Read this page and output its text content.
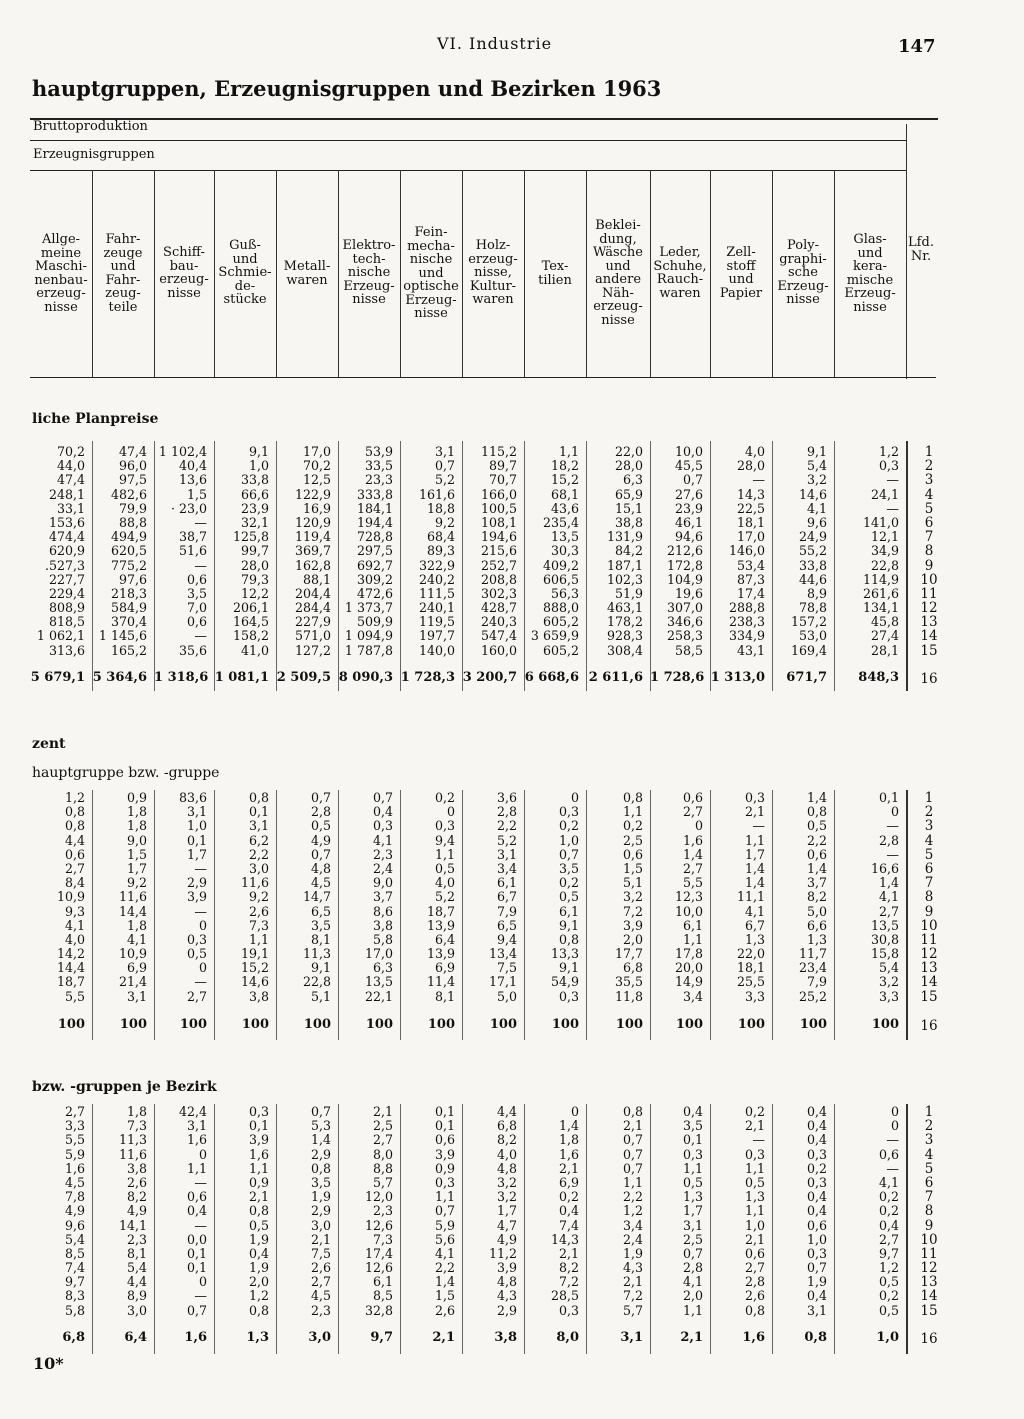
VI. Industrie	147
hauptgruppen, Erzeugnisgruppen und Bezirken 1963
Bruttoproduktion
Erzeugnisgruppen
Allge-
meine
Maschi-
nenbau-
erzeug-
nisse
Fahr-
zeuge
und
Fahr-
zeug-
teile
Schiff-
bau-
erzeug-
nisse
Guß-
und
Schmie-
de-
stücke
Metall-
waren
Elektro-
tech-
nische
Erzeug-
nisse
Fein-
mecha-
nische
und
optische
Erzeug-
nisse
Holz-
erzeug-
nisse,
Kultur-
waren
Tex-
tilien
Beklei-
dung,
Wäsche
und
andere
Näh-
erzeug-
nisse
Leder,
Schuhe,
Rauch-
waren
Zell-
stoff
und
Papier
Poly-
graphi-
sche
Erzeug-
nisse
Glas-
und
kera-
mische
Erzeug-
nisse
Lfd.
Nr.
liche Planpreise
70,2
44,0
47,4
248,1
33,1
153,6
474,4
620,9
.527,3
227,7
229,4
808,9
818,5
1 062,1
313,6
5 679,1
47,4
96,0
97,5
482,6
79,9
88,8
494,9
620,5
775,2
97,6
218,3
584,9
370,4
1 145,6
165,2
5 364,6
1 102,4
40,4
13,6
1,5
· 23,0
—
38,7
51,6
—
0,6
3,5
7,0
0,6
—
35,6
1 318,6
9,1
1,0
33,8
66,6
23,9
32,1
125,8
99,7
28,0
79,3
12,2
206,1
164,5
158,2
41,0
1 081,1
17,0
70,2
12,5
122,9
16,9
120,9
119,4
369,7
162,8
88,1
204,4
284,4
227,9
571,0
127,2
2 509,5
53,9
33,5
23,3
333,8
184,1
194,4
728,8
297,5
692,7
309,2
472,6
1 373,7
509,9
1 094,9
1 787,8
8 090,3
3,1
0,7
5,2
161,6
18,8
9,2
68,4
89,3
322,9
240,2
111,5
240,1
119,5
197,7
140,0
1 728,3
115,2
89,7
70,7
166,0
100,5
108,1
194,6
215,6
252,7
208,8
302,3
428,7
240,3
547,4
160,0
3 200,7
1,1
18,2
15,2
68,1
43,6
235,4
13,5
30,3
409,2
606,5
56,3
888,0
605,2
3 659,9
605,2
6 668,6
22,0
28,0
6,3
65,9
15,1
38,8
131,9
84,2
187,1
102,3
51,9
463,1
178,2
928,3
308,4
2 611,6
10,0
45,5
0,7
27,6
23,9
46,1
94,6
212,6
172,8
104,9
19,6
307,0
346,6
258,3
58,5
1 728,6
4,0
28,0
—
14,3
22,5
18,1
17,0
146,0
53,4
87,3
17,4
288,8
238,3
334,9
43,1
1 313,0
9,1
5,4
3,2
14,6
4,1
9,6
24,9
55,2
33,8
44,6
8,9
78,8
157,2
53,0
169,4
671,7
1,2
0,3
—
24,1
—
141,0
12,1
34,9
22,8
114,9
261,6
134,1
45,8
27,4
28,1
848,3
1
2
3
4
5
6
7
8
9
10
11
12
13
14
15
16
zent
hauptgruppe bzw. -gruppe
1,2
0,8
0,8
4,4
0,6
2,7
8,4
10,9
9,3
4,1
4,0
14,2
14,4
18,7
5,5
100
0,9
1,8
1,8
9,0
1,5
1,7
9,2
11,6
14,4
1,8
4,1
10,9
6,9
21,4
3,1
100
83,6
3,1
1,0
0,1
1,7
—
2,9
3,9
—
0
0,3
0,5
0
—
2,7
100
0,8
0,1
3,1
6,2
2,2
3,0
11,6
9,2
2,6
7,3
1,1
19,1
15,2
14,6
3,8
100
0,7
2,8
0,5
4,9
0,7
4,8
4,5
14,7
6,5
3,5
8,1
11,3
9,1
22,8
5,1
100
0,7
0,4
0,3
4,1
2,3
2,4
9,0
3,7
8,6
3,8
5,8
17,0
6,3
13,5
22,1
100
0,2
0
0,3
9,4
1,1
0,5
4,0
5,2
18,7
13,9
6,4
13,9
6,9
11,4
8,1
100
3,6
2,8
2,2
5,2
3,1
3,4
6,1
6,7
7,9
6,5
9,4
13,4
7,5
17,1
5,0
100
0
0,3
0,2
1,0
0,7
3,5
0,2
0,5
6,1
9,1
0,8
13,3
9,1
54,9
0,3
100
0,8
1,1
0,2
2,5
0,6
1,5
5,1
3,2
7,2
3,9
2,0
17,7
6,8
35,5
11,8
100
0,6
2,7
0
1,6
1,4
2,7
5,5
12,3
10,0
6,1
1,1
17,8
20,0
14,9
3,4
100
0,3
2,1
—
1,1
1,7
1,4
1,4
11,1
4,1
6,7
1,3
22,0
18,1
25,5
3,3
100
1,4
0,8
0,5
2,2
0,6
1,4
3,7
8,2
5,0
6,6
1,3
11,7
23,4
7,9
25,2
100
0,1
0
—
2,8
—
16,6
1,4
4,1
2,7
13,5
30,8
15,8
5,4
3,2
3,3
100
1
2
3
4
5
6
7
8
9
10
11
12
13
14
15
16
bzw. -gruppen je Bezirk
2,7
3,3
5,5
5,9
1,6
4,5
7,8
4,9
9,6
5,4
8,5
7,4
9,7
8,3
5,8
6,8
1,8
7,3
11,3
11,6
3,8
2,6
8,2
4,9
14,1
2,3
8,1
5,4
4,4
8,9
3,0
6,4
42,4
3,1
1,6
0
1,1
—
0,6
0,4
—
0,0
0,1
0,1
0
—
0,7
1,6
0,3
0,1
3,9
1,6
1,1
0,9
2,1
0,8
0,5
1,9
0,4
1,9
2,0
1,2
0,8
1,3
0,7
5,3
1,4
2,9
0,8
3,5
1,9
2,9
3,0
2,1
7,5
2,6
2,7
4,5
2,3
3,0
2,1
2,5
2,7
8,0
8,8
5,7
12,0
2,3
12,6
7,3
17,4
12,6
6,1
8,5
32,8
9,7
0,1
0,1
0,6
3,9
0,9
0,3
1,1
0,7
5,9
5,6
4,1
2,2
1,4
1,5
2,6
2,1
4,4
6,8
8,2
4,0
4,8
3,2
3,2
1,7
4,7
4,9
11,2
3,9
4,8
4,3
2,9
3,8
0
1,4
1,8
1,6
2,1
6,9
0,2
0,4
7,4
14,3
2,1
8,2
7,2
28,5
0,3
8,0
0,8
2,1
0,7
0,7
0,7
1,1
2,2
1,2
3,4
2,4
1,9
4,3
2,1
7,2
5,7
3,1
0,4
3,5
0,1
0,3
1,1
0,5
1,3
1,7
3,1
2,5
0,7
2,8
4,1
2,0
1,1
2,1
0,2
2,1
—
0,3
1,1
0,5
1,3
1,1
1,0
2,1
0,6
2,7
2,8
2,6
0,8
1,6
0,4
0,4
0,4
0,3
0,2
0,3
0,4
0,4
0,6
1,0
0,3
0,7
1,9
0,4
3,1
0,8
0
0
—
0,6
—
4,1
0,2
0,2
0,4
2,7
9,7
1,2
0,5
0,2
0,5
1,0
1
2
3
4
5
6
7
8
9
10
11
12
13
14
15
16
10*
